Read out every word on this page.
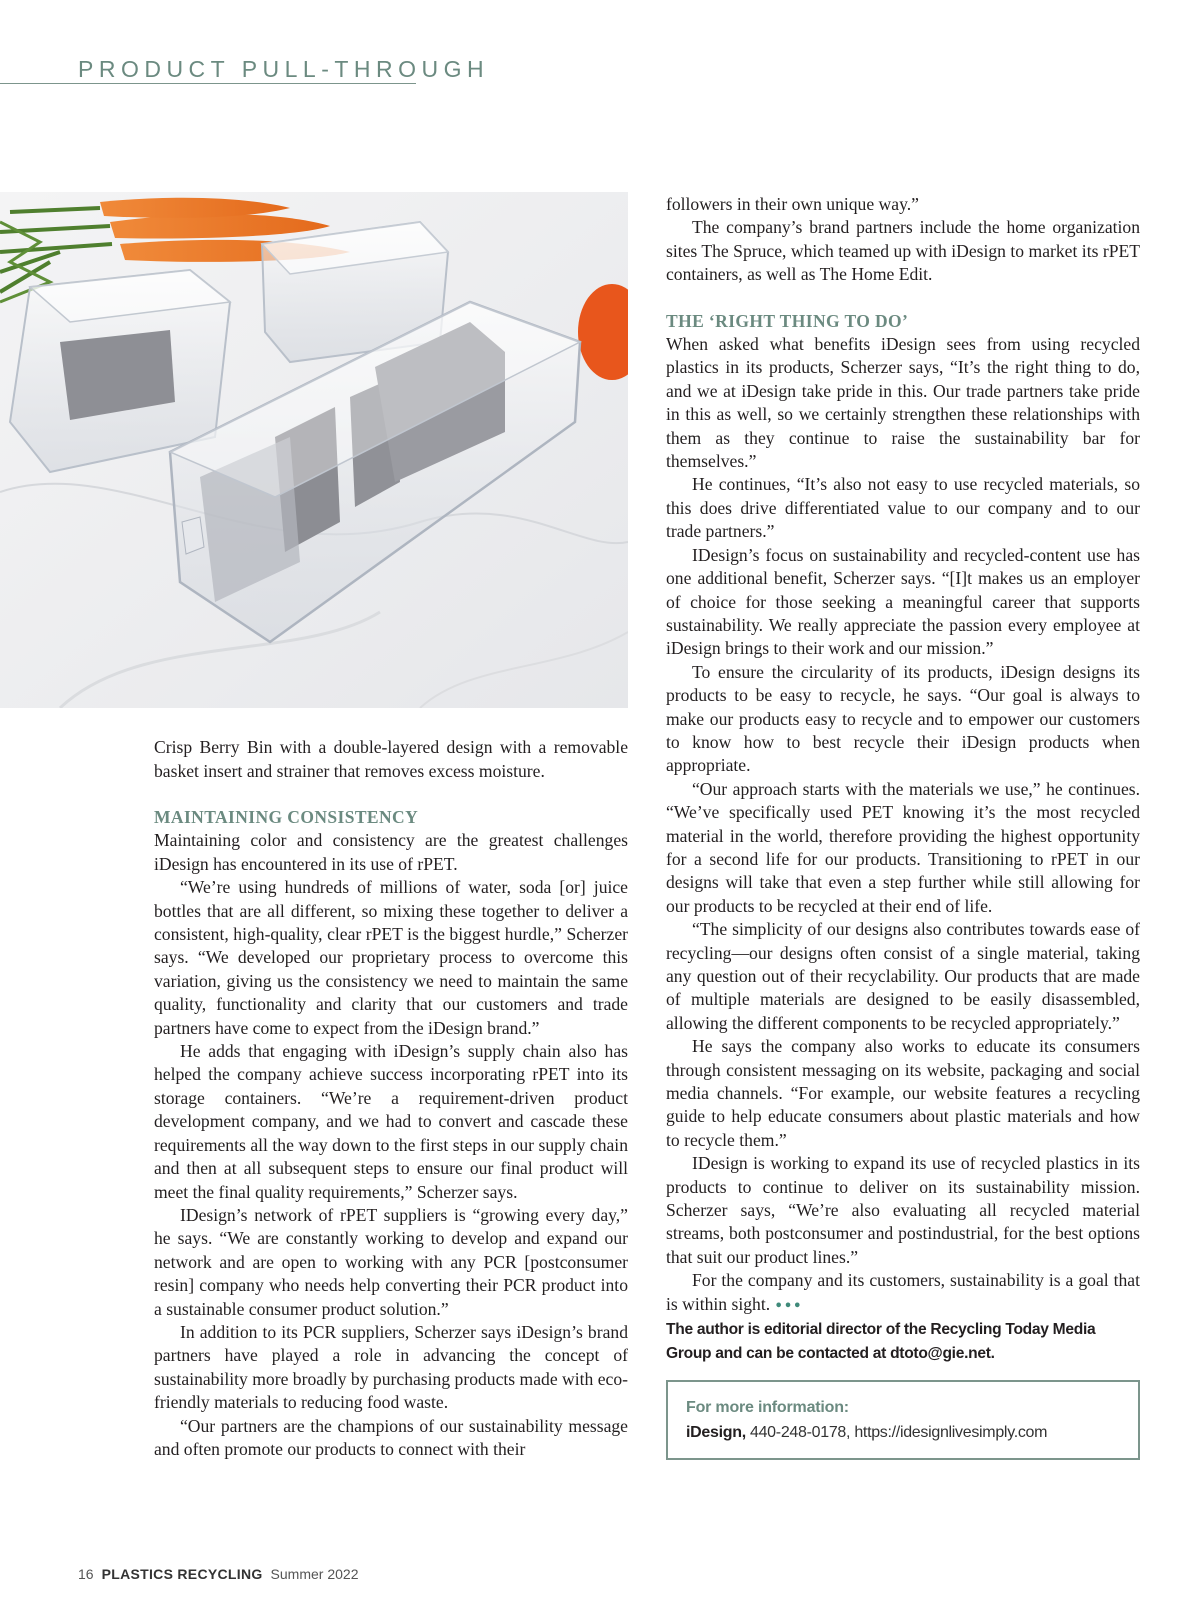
PRODUCT PULL-THROUGH

Crisp Berry Bin with a double-layered design with a removable basket insert and strainer that removes excess moisture.

MAINTAINING CONSISTENCY

Maintaining color and consistency are the greatest challenges iDesign has encountered in its use of rPET.

“We’re using hundreds of millions of water, soda [or] juice bottles that are all different, so mixing these together to deliver a consistent, high-quality, clear rPET is the biggest hurdle,” Scherzer says. “We developed our proprietary process to overcome this variation, giving us the consistency we need to maintain the same quality, functionality and clarity that our customers and trade partners have come to expect from the iDesign brand.”

He adds that engaging with iDesign’s supply chain also has helped the company achieve success incorporating rPET into its storage containers. “We’re a requirement-driven product development company, and we had to convert and cascade these requirements all the way down to the first steps in our supply chain and then at all subsequent steps to ensure our final product will meet the final quality requirements,” Scherzer says.

IDesign’s network of rPET suppliers is “growing every day,” he says. “We are constantly working to develop and expand our network and are open to working with any PCR [postconsumer resin] company who needs help converting their PCR product into a sustainable consumer product solution.”

In addition to its PCR suppliers, Scherzer says iDesign’s brand partners have played a role in advancing the concept of sustainability more broadly by purchasing products made with eco-friendly materials to reducing food waste.

“Our partners are the champions of our sustainability message and often promote our products to connect with their

followers in their own unique way.”

The company’s brand partners include the home organization sites The Spruce, which teamed up with iDesign to market its rPET containers, as well as The Home Edit.

THE ‘RIGHT THING TO DO’

When asked what benefits iDesign sees from using recycled plastics in its products, Scherzer says, “It’s the right thing to do, and we at iDesign take pride in this. Our trade partners take pride in this as well, so we certainly strengthen these relationships with them as they continue to raise the sustainability bar for themselves.”

He continues, “It’s also not easy to use recycled materials, so this does drive differentiated value to our company and to our trade partners.”

IDesign’s focus on sustainability and recycled-content use has one additional benefit, Scherzer says. “[I]t makes us an employer of choice for those seeking a meaningful career that supports sustainability. We really appreciate the passion every employee at iDesign brings to their work and our mission.”

To ensure the circularity of its products, iDesign designs its products to be easy to recycle, he says. “Our goal is always to make our products easy to recycle and to empower our customers to know how to best recycle their iDesign products when appropriate.

“Our approach starts with the materials we use,” he continues. “We’ve specifically used PET knowing it’s the most recycled material in the world, therefore providing the highest opportunity for a second life for our products. Transitioning to rPET in our designs will take that even a step further while still allowing for our products to be recycled at their end of life.

“The simplicity of our designs also contributes towards ease of recycling—our designs often consist of a single material, taking any question out of their recyclability. Our products that are made of multiple materials are designed to be easily disassembled, allowing the different components to be recycled appropriately.”

He says the company also works to educate its consumers through consistent messaging on its website, packaging and social media channels. “For example, our website features a recycling guide to help educate consumers about plastic materials and how to recycle them.”

IDesign is working to expand its use of recycled plastics in its products to continue to deliver on its sustainability mission. Scherzer says, “We’re also evaluating all recycled material streams, both postconsumer and postindustrial, for the best options that suit our product lines.”

For the company and its customers, sustainability is a goal that is within sight. •••

The author is editorial director of the Recycling Today Media Group and can be contacted at dtoto@gie.net.

For more information:
iDesign, 440-248-0178, https://idesignlivesimply.com
16 PLASTICS RECYCLING Summer 2022
